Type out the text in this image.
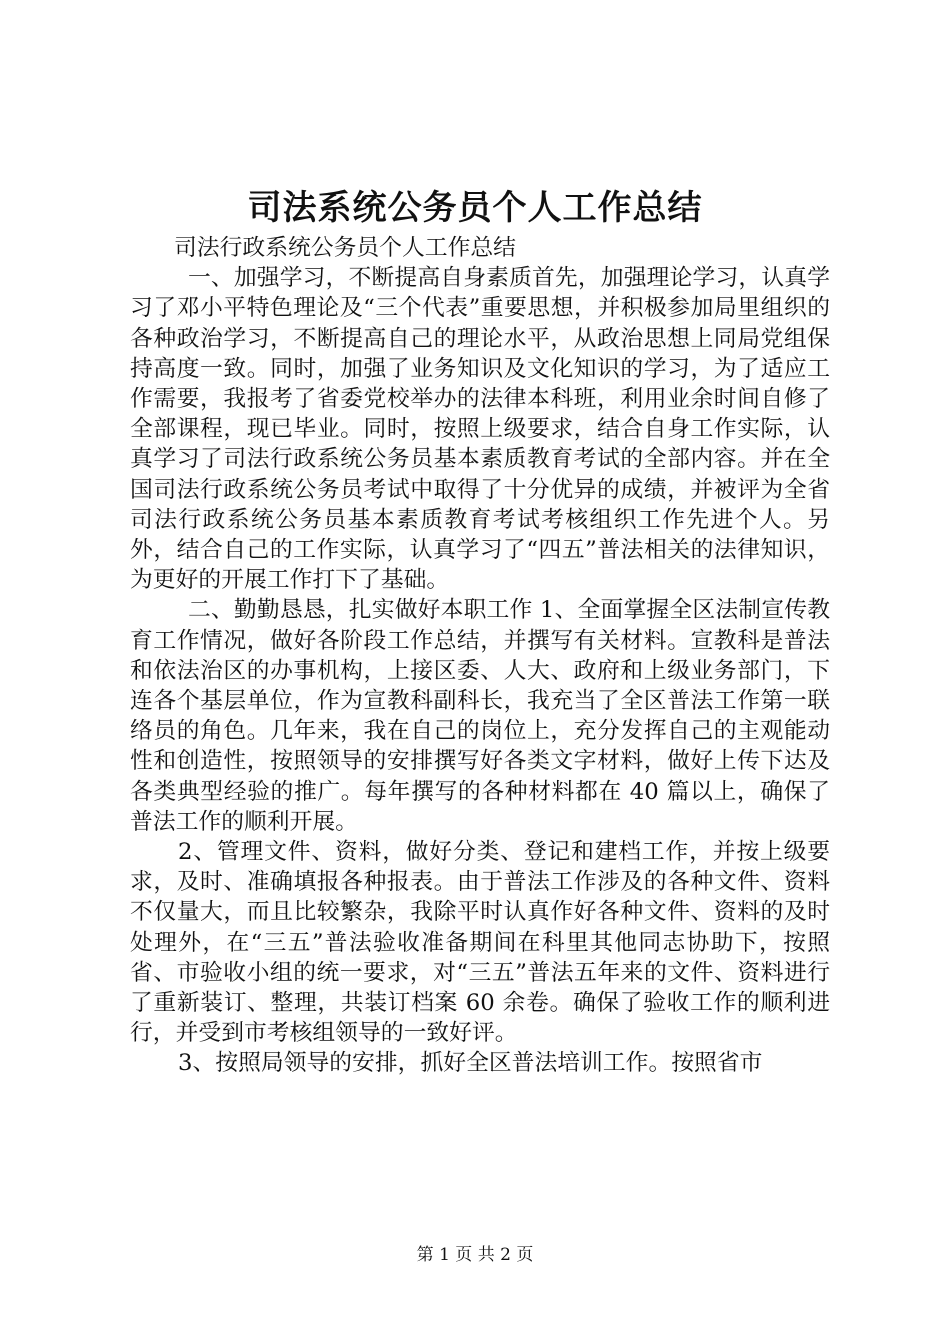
司法系统公务员个人工作总结

司法行政系统公务员个人工作总结

一、加强学习，不断提高自身素质首先，加强理论学习，认真学习了邓小平特色理论及“三个代表”重要思想，并积极参加局里组织的各种政治学习，不断提高自己的理论水平，从政治思想上同局党组保持高度一致。同时，加强了业务知识及文化知识的学习，为了适应工作需要，我报考了省委党校举办的法律本科班，利用业余时间自修了全部课程，现已毕业。同时，按照上级要求，结合自身工作实际，认真学习了司法行政系统公务员基本素质教育考试的全部内容。并在全国司法行政系统公务员考试中取得了十分优异的成绩，并被评为全省司法行政系统公务员基本素质教育考试考核组织工作先进个人。另外，结合自己的工作实际，认真学习了“四五”普法相关的法律知识，为更好的开展工作打下了基础。

二、勤勤恳恳，扎实做好本职工作 1、全面掌握全区法制宣传教育工作情况，做好各阶段工作总结，并撰写有关材料。宣教科是普法和依法治区的办事机构，上接区委、人大、政府和上级业务部门，下连各个基层单位，作为宣教科副科长，我充当了全区普法工作第一联络员的角色。几年来，我在自己的岗位上，充分发挥自己的主观能动性和创造性，按照领导的安排撰写好各类文字材料，做好上传下达及各类典型经验的推广。每年撰写的各种材料都在 40 篇以上，确保了普法工作的顺利开展。

2、管理文件、资料，做好分类、登记和建档工作，并按上级要求，及时、准确填报各种报表。由于普法工作涉及的各种文件、资料不仅量大，而且比较繁杂，我除平时认真作好各种文件、资料的及时处理外，在“三五”普法验收准备期间在科里其他同志协助下，按照省、市验收小组的统一要求，对“三五”普法五年来的文件、资料进行了重新装订、整理，共装订档案 60 余卷。确保了验收工作的顺利进行，并受到市考核组领导的一致好评。

3、按照局领导的安排，抓好全区普法培训工作。按照省市

第 1 页 共 2 页
